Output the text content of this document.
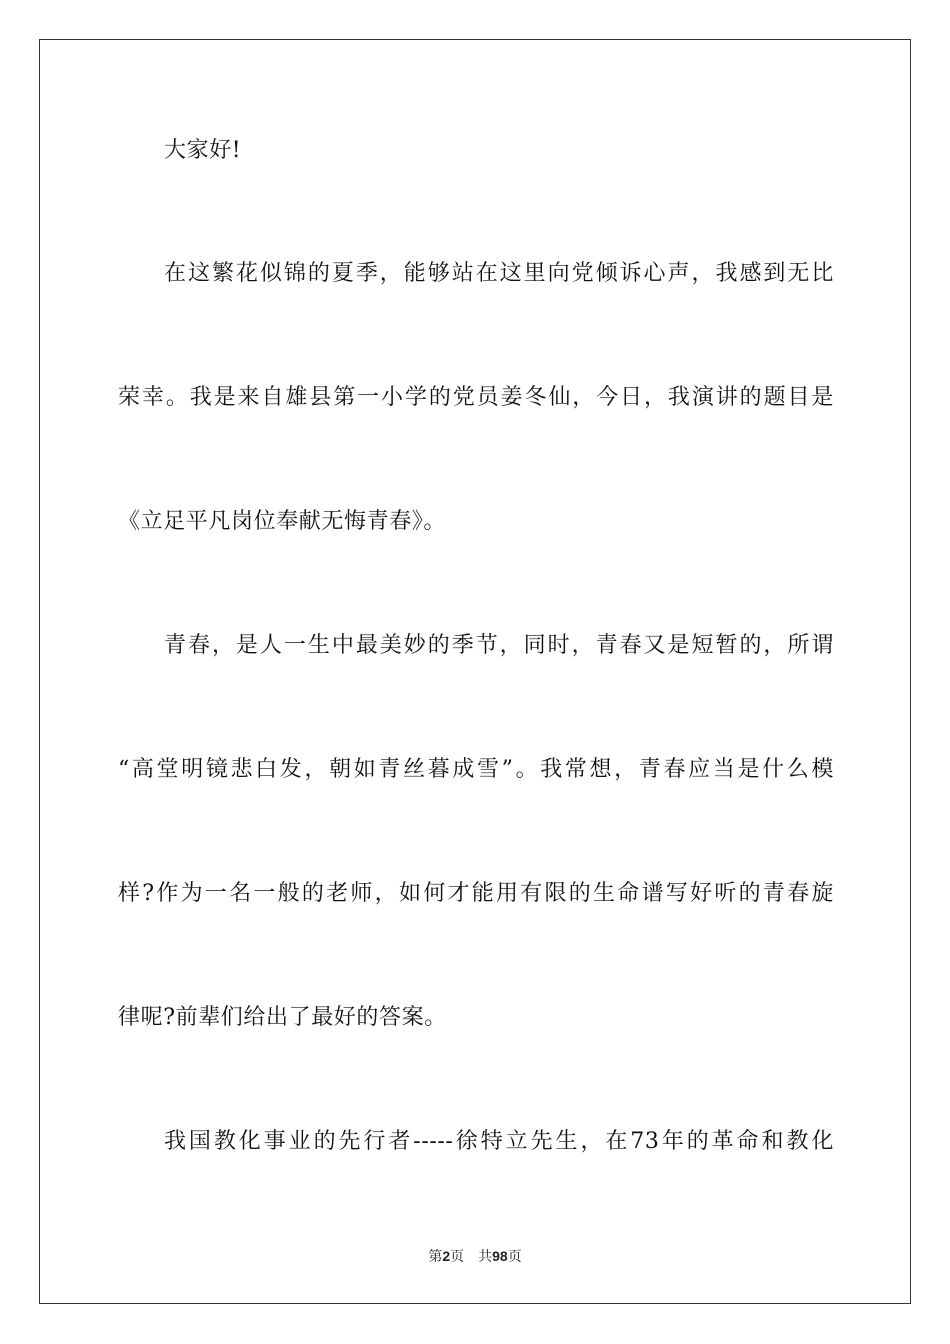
大家好!
在这繁花似锦的夏季，能够站在这里向党倾诉心声，我感到无比
荣幸。我是来自雄县第一小学的党员姜冬仙，今日，我演讲的题目是
《立足平凡岗位奉献无悔青春》。
青春，是人一生中最美妙的季节，同时，青春又是短暂的，所谓
“高堂明镜悲白发，朝如青丝暮成雪”。我常想，青春应当是什么模
样?作为一名一般的老师，如何才能用有限的生命谱写好听的青春旋
律呢?前辈们给出了最好的答案。
我国教化事业的先行者-----徐特立先生，在73年的革命和教化
第2页 共98页
